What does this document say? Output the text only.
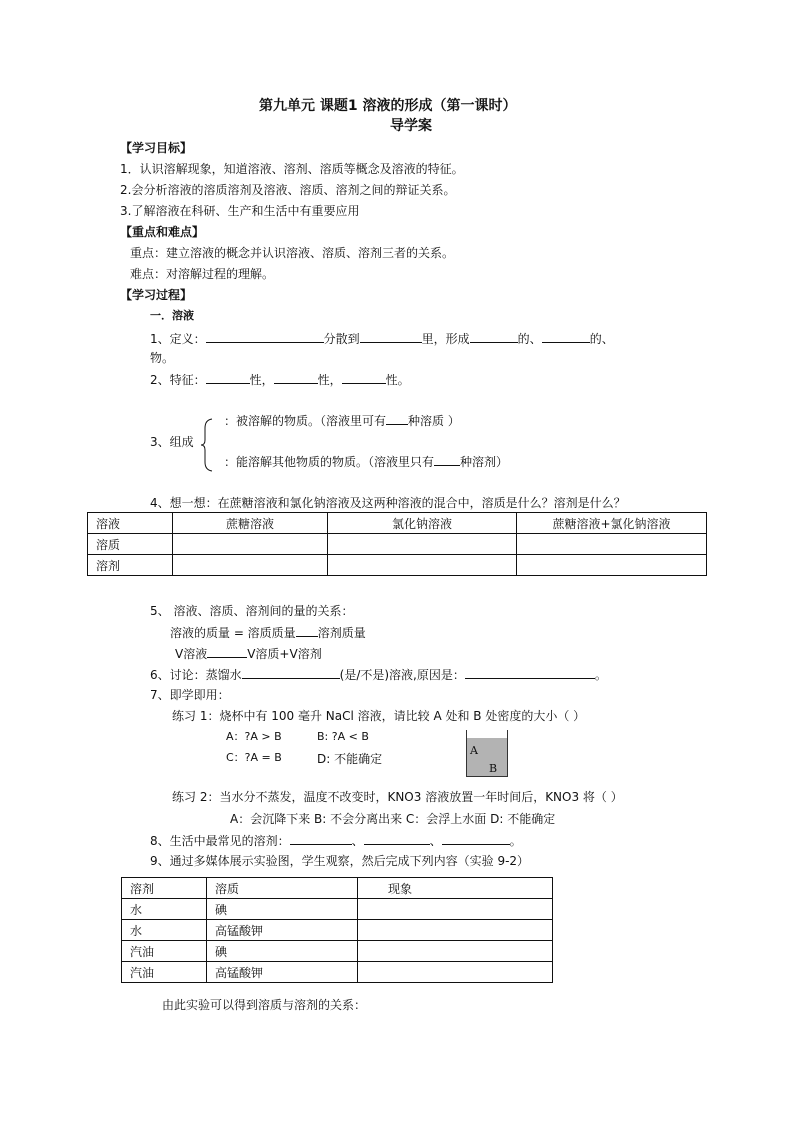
第九单元 课题1 溶液的形成（第一课时）
导学案
【学习目标】
1．认识溶解现象，知道溶液、溶剂、溶质等概念及溶液的特征。
2.会分析溶液的溶质溶剂及溶液、溶质、溶剂之间的辩证关系。
3.了解溶液在科研、生产和生活中有重要应用
【重点和难点】
重点：建立溶液的概念并认识溶液、溶质、溶剂三者的关系。
难点：对溶解过程的理解。
【学习过程】
一．溶液
1、定义：	分散到	里，形成	的、	的、
物。
2、特征：	性，	性，	性。
3、组成
：被溶解的物质。（溶液里可有 种溶质 ）
：能溶解其他物质的物质。（溶液里只有 种溶剂）
4、想一想：在蔗糖溶液和氯化钠溶液及这两种溶液的混合中，溶质是什么？溶剂是什么？
溶液	蔗糖溶液	氯化钠溶液	蔗糖溶液+氯化钠溶液
溶质			
溶剂			
5、 溶液、溶质、溶剂间的量的关系：
溶液的质量 = 溶质质量 溶剂质量
V溶液	V溶质+V溶剂
6、讨论：蒸馏水	(是/不是)溶液,原因是：	。
7、即学即用：
练习 1：烧杯中有 100 毫升 NaCl 溶液，请比较 A 处和 B 处密度的大小（ ）
A：?A > B	B: ?A < B
C：?A = B	D: 不能确定
A
B
练习 2：当水分不蒸发，温度不改变时，KNO3 溶液放置一年时间后，KNO3 将（ ）
A：会沉降下来 B: 不会分离出来 C：会浮上水面 D: 不能确定
8、生活中最常见的溶剂：	、	、	。
9、通过多媒体展示实验图，学生观察，然后完成下列内容（实验 9-2）
溶剂	溶质	现象
水	碘	
水	高锰酸钾	
汽油	碘	
汽油	高锰酸钾	
由此实验可以得到溶质与溶剂的关系：
